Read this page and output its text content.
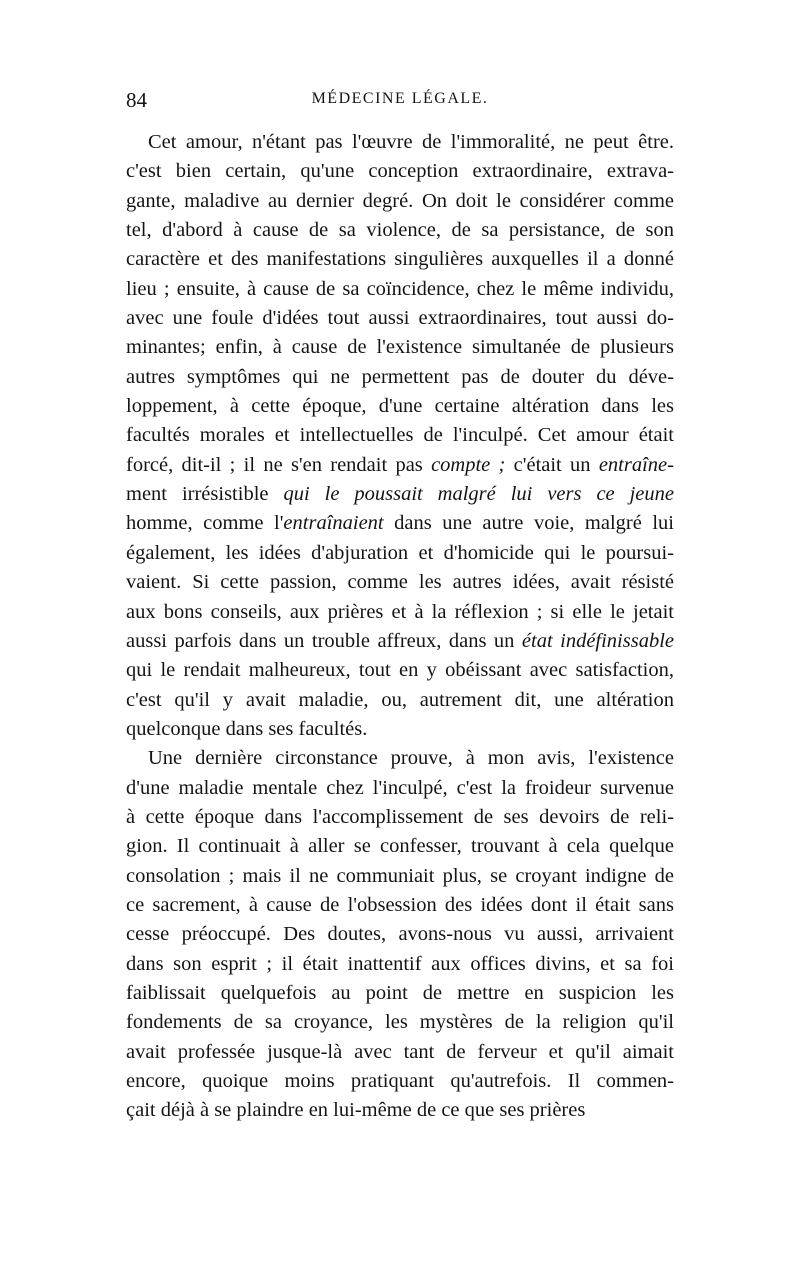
84	MÉDECINE LÉGALE.
Cet amour, n'étant pas l'œuvre de l'immoralité, ne peut être.
c'est bien certain, qu'une conception extraordinaire, extrava-
gante, maladive au dernier degré. On doit le considérer comme
tel, d'abord à cause de sa violence, de sa persistance, de son
caractère et des manifestations singulières auxquelles il a donné
lieu ; ensuite, à cause de sa coïncidence, chez le même individu,
avec une foule d'idées tout aussi extraordinaires, tout aussi do-
minantes; enfin, à cause de l'existence simultanée de plusieurs
autres symptômes qui ne permettent pas de douter du déve-
loppement, à cette époque, d'une certaine altération dans les
facultés morales et intellectuelles de l'inculpé. Cet amour était
forcé, dit-il ; il ne s'en rendait pas compte ; c'était un entraîne-
ment irrésistible qui le poussait malgré lui vers ce jeune
homme, comme l'entraînaient dans une autre voie, malgré lui
également, les idées d'abjuration et d'homicide qui le poursui-
vaient. Si cette passion, comme les autres idées, avait résisté
aux bons conseils, aux prières et à la réflexion ; si elle le jetait
aussi parfois dans un trouble affreux, dans un état indéfinissable
qui le rendait malheureux, tout en y obéissant avec satisfaction,
c'est qu'il y avait maladie, ou, autrement dit, une altération
quelconque dans ses facultés.
Une dernière circonstance prouve, à mon avis, l'existence
d'une maladie mentale chez l'inculpé, c'est la froideur survenue
à cette époque dans l'accomplissement de ses devoirs de reli-
gion. Il continuait à aller se confesser, trouvant à cela quelque
consolation ; mais il ne communiait plus, se croyant indigne de
ce sacrement, à cause de l'obsession des idées dont il était sans
cesse préoccupé. Des doutes, avons-nous vu aussi, arrivaient
dans son esprit ; il était inattentif aux offices divins, et sa foi
faiblissait quelquefois au point de mettre en suspicion les
fondements de sa croyance, les mystères de la religion qu'il
avait professée jusque-là avec tant de ferveur et qu'il aimait
encore, quoique moins pratiquant qu'autrefois. Il commen-
çait déjà à se plaindre en lui-même de ce que ses prières
